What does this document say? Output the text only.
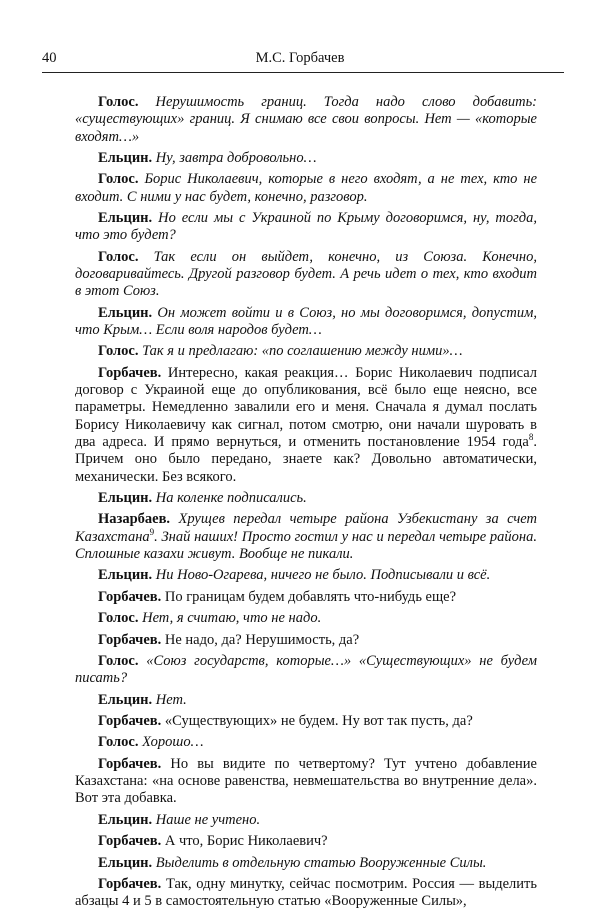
40	М.С. Горбачев

Голос. Нерушимость границ. Тогда надо слово добавить: «существующих» границ. Я снимаю все свои вопросы. Нет — «которые входят…»

Ельцин. Ну, завтра добровольно…

Голос. Борис Николаевич, которые в него входят, а не тех, кто не входит. С ними у нас будет, конечно, разговор.

Ельцин. Но если мы с Украиной по Крыму договоримся, ну, тогда, что это будет?

Голос. Так если он выйдет, конечно, из Союза. Конечно, договаривайтесь. Другой разговор будет. А речь идет о тех, кто входит в этот Союз.

Ельцин. Он может войти и в Союз, но мы договоримся, допустим, что Крым… Если воля народов будет…

Голос. Так я и предлагаю: «по соглашению между ними»…

Горбачев. Интересно, какая реакция… Борис Николаевич подписал договор с Украиной еще до опубликования, всё было еще неясно, все параметры. Немедленно завалили его и меня. Сначала я думал послать Борису Николаевичу как сигнал, потом смотрю, они начали шуровать в два адреса. И прямо вернуться, и отменить постановление 1954 года$^8$. Причем оно было передано, знаете как? Довольно автоматически, механически. Без всякого.

Ельцин. На коленке подписались.

Назарбаев. Хрущев передал четыре района Узбекистану за счет Казахстана$^9$. Знай наших! Просто гостил у нас и передал четыре района. Сплошные казахи живут. Вообще не пикали.

Ельцин. Ни Ново-Огарева, ничего не было. Подписывали и всё.

Горбачев. По границам будем добавлять что-нибудь еще?

Голос. Нет, я считаю, что не надо.

Горбачев. Не надо, да? Нерушимость, да?

Голос. «Союз государств, которые…» «Существующих» не будем писать?

Ельцин. Нет.

Горбачев. «Существующих» не будем. Ну вот так пусть, да?

Голос. Хорошо…

Горбачев. Но вы видите по четвертому? Тут учтено добавление Казахстана: «на основе равенства, невмешательства во внутренние дела». Вот эта добавка.

Ельцин. Наше не учтено.

Горбачев. А что, Борис Николаевич?

Ельцин. Выделить в отдельную статью Вооруженные Силы.

Горбачев. Так, одну минутку, сейчас посмотрим. Россия — выделить абзацы 4 и 5 в самостоятельную статью «Вооруженные Силы»,
